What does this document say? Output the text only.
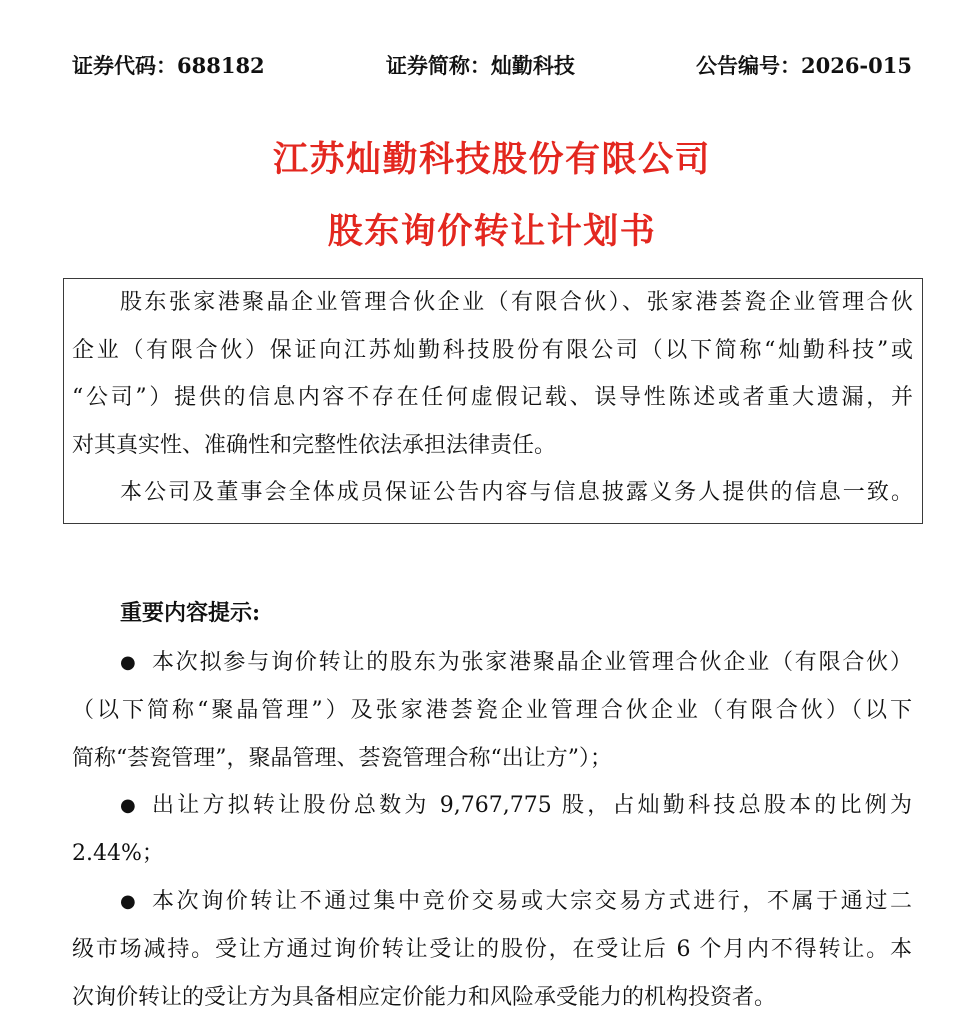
证券代码：688182	证券简称：灿勤科技	公告编号：2026-015
江苏灿勤科技股份有限公司
股东询价转让计划书
股东张家港聚晶企业管理合伙企业（有限合伙）、张家港荟瓷企业管理合伙
企业（有限合伙）保证向江苏灿勤科技股份有限公司（以下简称“灿勤科技”或
“公司”）提供的信息内容不存在任何虚假记载、误导性陈述或者重大遗漏，并
对其真实性、准确性和完整性依法承担法律责任。
本公司及董事会全体成员保证公告内容与信息披露义务人提供的信息一致。
重要内容提示:
● 本次拟参与询价转让的股东为张家港聚晶企业管理合伙企业（有限合伙）
（以下简称“聚晶管理”）及张家港荟瓷企业管理合伙企业（有限合伙）（以下
简称“荟瓷管理”，聚晶管理、荟瓷管理合称“出让方”）；
● 出让方拟转让股份总数为 9,767,775 股，占灿勤科技总股本的比例为
2.44%；
● 本次询价转让不通过集中竞价交易或大宗交易方式进行，不属于通过二
级市场减持。受让方通过询价转让受让的股份，在受让后 6 个月内不得转让。本
次询价转让的受让方为具备相应定价能力和风险承受能力的机构投资者。
